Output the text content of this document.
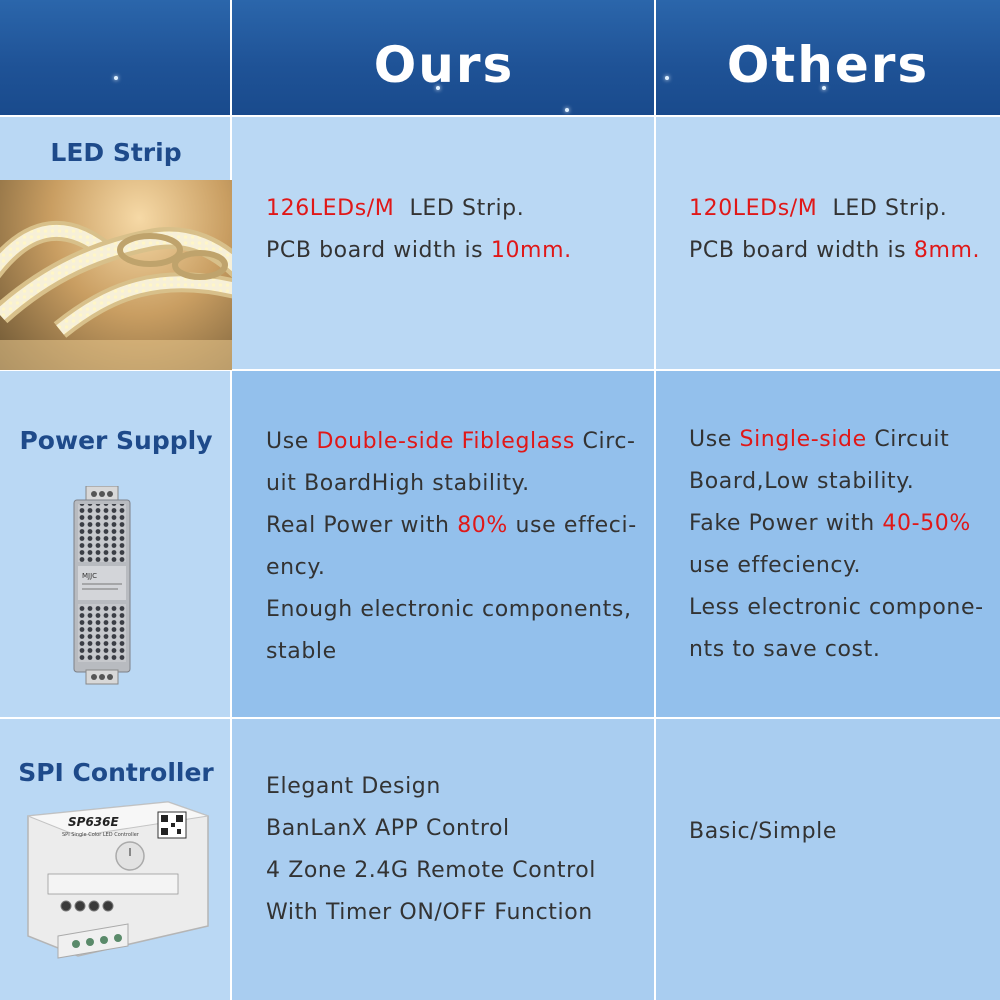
Ours	Others
LED Strip
126LEDs/M  LED Strip.
PCB board width is 10mm.
120LEDs/M  LED Strip.
PCB board width is 8mm.
Power Supply
MJJC
Use Double-side Fibleglass Circ-
uit BoardHigh stability.
Real Power with 80% use effeci-
ency.
Enough electronic components,
stable
Use Single-side Circuit
Board,Low stability.
Fake Power with 40-50%
use effeciency.
Less electronic compone-
nts to save cost.
SPI Controller
SP636E
SPI Single Color LED Controller
Elegant Design
BanLanX APP Control
4 Zone 2.4G Remote Control
With Timer ON/OFF Function
Basic/Simple
